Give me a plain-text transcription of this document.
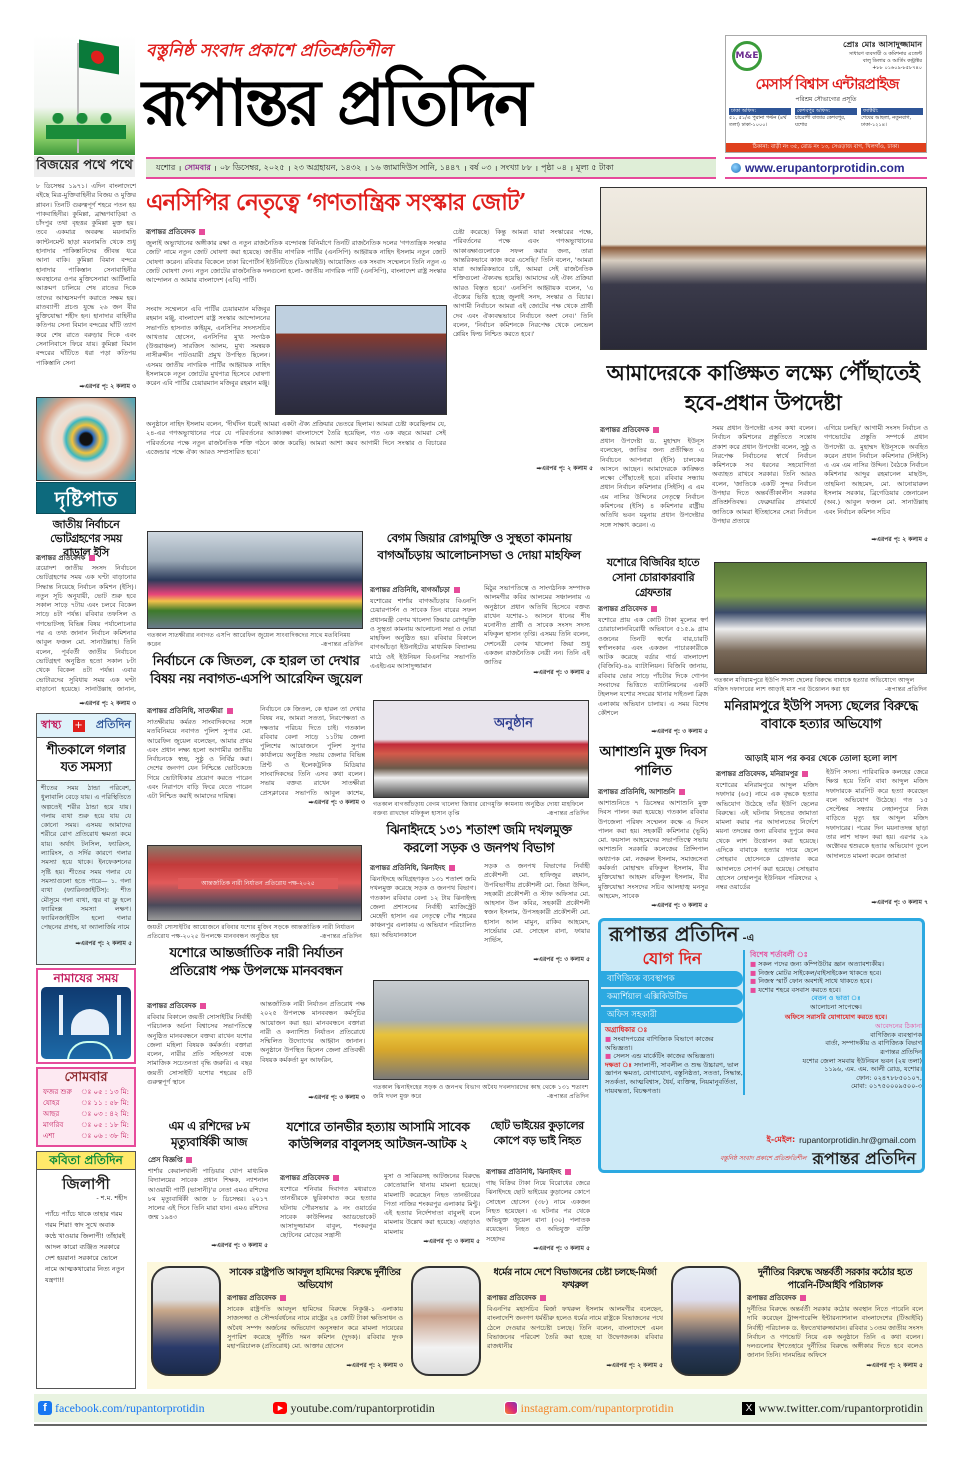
বিজয়ের পথে পথে
বস্তুনিষ্ঠ সংবাদ প্রকাশে প্রতিশ্রুতিশীল
রূপান্তর প্রতিদিন
M&E
প্রোঃ মোঃ আসাদুজ্জামান
সাধারণ ব্যবসায়ী ও কমিশনার এজেন্ট
বালু ডিলার ও আর্তিং কন্ট্রাক্টর
+৮৮ ০১৬০৯-৮৫৮৭৪০
মেসার্স বিশ্বাস এন্টারপ্রাইজ
পরিশ্রম সৌভাগ্যের প্রসূতি
ঢাকা অফিস:
৫১, ৫১/এ পুরানা পল্টন (৪র্থ তলা) ঢাকা-১০০০।
কেশবপুর অফিস:
চাচরাশী বাজার কেশবপুর, যশোর
ফ্যাক্টরী:
শেষের আছলা, নতুনবাগ, ঢাকা-১২১৪।
ঠিকানা: বাড়ী নং ৩৫, রোড নং ১৩, সেওড়াজ বাগ, খিলগাঁও, ঢাকা।
যশোর । সোমবার । ০৮ ডিসেম্বর, ২০২৫ । ২৩ অগ্রহায়ন, ১৪৩২ । ১৬ জামাদিউস সানি, ১৪৪৭ । বর্ষ ০৩ । সংখ্যা ৮৮ । পৃষ্ঠা ০৪ । মূল্য ৫ টাকা	www.erupantorprotidin.com
৮ ডিসেম্বর ১৯৭১। এদিন বাংলাদেশে বইছে মিত্র-মুক্তিবাহিনীর বিজয় ও মুক্তির প্লাবন। তিনটি গুরুত্বপূর্ণ শহরে পতন হয় পাকবাহিনীর। কুমিল্লা, ব্রাহ্মণবাড়িয়া ও চাঁদপুর তথা বৃহত্তর কুমিল্লা মুক্ত হয়। তবে একমাত্র অবরুদ্ধ ময়নামতি ক্যান্টনমেন্ট ছাড়া ময়নামতি থেকে শুধু হানাদার পাকিস্তানিদের জীবন্ত ধরে আনা বাকি। কুমিল্লা বিমান বন্দরে হানাদার পাকিস্তান সেনাবাহিনীর অবস্থানের ওপর মুক্তিসেনারা আর্টিলারি আক্রমণ চালিয়ে শেষ রাতের দিকে তাদের আত্মসমর্পণ করাতে সক্ষম হয়। রাতব্যাপী প্রচণ্ড যুদ্ধে ২৬ জন বীর মুক্তিযোদ্ধা শহীদ হন। হানাদার বাহিনীর কতিপয় সেনা বিমান বন্দরের ঘাঁটি ত্যাগ করে শেষ রাতে বরুড়ার দিকে এবং সেনানিবাসে ফিরে যায়। কুমিল্লা বিমান বন্দরের ঘাঁটিতে ধরা পড়া কতিপয় পাকিস্তানি সেনা
➡এরপর পৃ: ২ কলাম ৩
দৃষ্টিপাত
জাতীয় নির্বাচনে ভোটগ্রহণের সময় বাড়াল ইসি
রূপান্তর প্রতিবেদক
ত্রয়োদশ জাতীয় সংসদ নির্বাচনে ভোটগ্রহণের সময় এক ঘণ্টা বাড়ানোর সিদ্ধান্ত নিয়েছে নির্বাচন কমিশন (ইসি)। নতুন সূচি অনুযায়ী, ভোট শুরু হবে সকাল সাড়ে ৭টায় এবং চলবে বিকেল সাড়ে ৪টা পর্যন্ত। রবিবার তফসিল ও গণভোটসহ বিভিন্ন বিষয় পর্যালোচনার পর এ তথ্য জানান নির্বাচন কমিশনার আবুল ফজল মো. সানাউল্লাহ। তিনি বলেন, পূর্ববর্তী জাতীয় নির্বাচনে ভোটগ্রহণ অনুষ্ঠিত হতো সকাল ৮টা থেকে বিকেল ৪টা পর্যন্ত। এবার ভোটারদের সুবিধায় সময় এক ঘণ্টা বাড়ানো হয়েছে। সানাউল্লাহ জানান,
➡এরপর পৃ: ২ কলাম ৩
স্বাস্থ্য + প্রতিদিন
শীতকালে গলার যত সমস্যা
শীতের সময় ঠান্ডা পরিবেশ, ধুলাবালি বেড়ে যায়। এ পরিস্থিতিতে অল্পতেই শরীর ঠান্ডা হয়ে যায়। গলায় ব্যথা শুরু হয়ে যায় যে কোনো সময়। এসময় আমাদের শরীরে রোগ প্রতিরোধ ক্ষমতা কমে যায়। অর্থাৎ টনসিল, ফ্যারিংস, ল্যারিংস, ও সর্দির কারণে গলার সমস্যা হয়ে থাকে। ইনফেকশনের সৃষ্টি হয়। শীতের সময় গলার যে সমস্যাগুলো হতে পারে— ১. গলা ব্যথা (ফ্যারিনজাইটিস): শীত মৌসুমে গলা ব্যথা, জ্বর বা ফ্লু হলে ফ্যারিংক্স সমস্যা লক্ষণ। ফ্যারিনজাইটিস হলো গলার পেছনের প্রদাহ, যা অ্যালার্জির নামে
➡এরপর পৃ: ২ কলাম ৫
নামাযের সময়
সোমবার
ফজর শুরু	ঃ ০৫ : ১৩ মি:
যোহর	ঃ ১১ : ৫৮ মি:
আছর	ঃ ০৩ : ৪২ মি:
মাগরিব	ঃ ০৫ : ১৮ মি:
এশা	ঃ ০৬ : ৩৮ মি:
কবিতা প্রতিদিন
জিলাপী
- শ.ম. শহীদ
প্যাঁচে প্যাঁচে থাকে তাহার গরম গরম শিরা! স্বাদ সুখে অবাক কন্ঠে খাওয়ার জিলাপী! তাঁহারই আদল কারো ব্যঞ্জিত সরকারে দেশ হয়রান! সরকারে ভোলে নামে আত্মকথারোর নিত্য নতুন যন্ত্রণা!!
এনসিপির নেতৃত্বে ‘গণতান্ত্রিক সংস্কার জোট’
রূপান্তর প্রতিবেদক
জুলাই অভ্যুত্থানের অঙ্গীকার রক্ষা ও নতুন রাজনৈতিক বন্দোবস্ত বিনির্মাণে তিনটি রাজনৈতিক দলের 'গণতান্ত্রিক সংস্কার জোট' নামে নতুন জোট ঘোষণা করা হয়েছে। জাতীয় নাগরিক পার্টির (এনসিপি) আহ্বায়ক নাহিদ ইসলাম নতুন জোট ঘোষণা করেন। রবিবার বিকেলে ঢাকা রিপোর্টার্স ইউনিটিতে (ডিআরইউ) আয়োজিত এক সংবাদ সম্মেলনে তিনি নতুন এ জোট ঘোষণা দেন। নতুন জোটের রাজনৈতিক দলগুলো হলো- জাতীয় নাগরিক পার্টি (এনসিপি), বাংলাদেশ রাষ্ট্র সংস্কার আন্দোলন ও আমার বাংলাদেশ (এবি) পার্টি।
সংবাদ সম্মেলনে এবি পার্টির চেয়ারম্যান মজিবুর রহমান মঞ্জু, বাংলাদেশ রাষ্ট্র সংস্কার আন্দোলনের সভাপতি হাসনাত কাইয়ূম, এনসিপির সদস্যসচিব আখতার হোসেন, এনসিপির মুখ্য সংগঠক (উত্তরাঞ্চল) সারজিস আলম, মুখ্য সমন্বয়ক নাসীরুদ্দীন পাটওয়ারী প্রমুখ উপস্থিত ছিলেন। এসময় জাতীয় নাগরিক পার্টির আহ্বায়ক নাহিদ ইসলামকে নতুন জোটের মুখপাত্র হিসেবে ঘোষণা করেন এবি পার্টির চেয়ারম্যান মজিবুর রহমান মঞ্জু।
অনুষ্ঠানে নাহিদ ইসলাম বলেন, ‘দীর্ঘদিন ধরেই আমরা একটা ঐক্য প্রক্রিয়ার ভেতরে ছিলাম। আমরা চেষ্টা করেছিলাম যে, ২৪-এর গণঅভ্যুত্থানের পরে যে পরিবর্তনের আকাঙ্ক্ষা বাংলাদেশে তৈরি হয়েছিল, গত এক বছরে আমরা সেই পরিবর্তনের পক্ষে নতুন রাজনৈতিক শক্তি গঠনে কাজ করেছি। আমরা আশা করব আগামী দিনে সংস্কার ও বিচারের এজেন্ডার পক্ষে ঐক্য আরও সম্প্রসারিত হবে।’
চেষ্টা করেছে। কিন্তু আমরা যারা সংস্কারের পক্ষে, পরিবর্তনের পক্ষে এবং গণঅভ্যুত্থানের আকাঙ্ক্ষাগুলোকে সফল করার জন্য, তারা আন্তরিকভাবে কাজ করে এসেছি।' তিনি বলেন, 'আমরা যারা আন্তরিকভাবে চাই, আমরা সেই রাজনৈতিক শক্তিগুলো ঐক্যবদ্ধ হয়েছি। আমাদের এই ঐক্য প্রক্রিয়া আরও বিস্তৃত হবে।' এনসিপি আহ্বায়ক বলেন, 'এ ঐক্যের ভিত্তি হচ্ছে জুলাই সনদ, সংস্কার ও বিচার। আগামী নির্বাচনে আমরা এই জোটের পক্ষ থেকে প্রার্থী দেব এবং ঐক্যবদ্ধভাবে নির্বাচনে অংশ নেব।' তিনি বলেন, 'নির্বাচন কমিশনকে নিরপেক্ষ থেকে লেভেল প্লেয়িং ফিল্ড নিশ্চিত করতে হবে।'
➡এরপর পৃ: ২ কলাম ৫
আমাদেরকে কাঙ্ক্ষিত লক্ষ্যে পৌঁছাতেই হবে-প্রধান উপদেষ্টা
রূপান্তর প্রতিবেদক
প্রধান উপদেষ্টা ড. মুহাম্মদ ইউনূস বলেছেন, জাতির জন্য প্রতীক্ষিত এ নির্বাচনে আপনারা (ইসি) চালকের আসনে আছেন। আমাদেরকে কাঙ্ক্ষিত লক্ষ্যে পৌঁছাতেই হবে। রবিবার সন্ধ্যায় প্রধান নির্বাচন কমিশনার (সিইসি) এ এম এম নাসির উদ্দিনের নেতৃত্বে নির্বাচন কমিশনের (ইসি) ৪ কমিশনার রাষ্ট্রীয় অতিথি ভবন যমুনায় প্রধান উপদেষ্টার সঙ্গে সাক্ষাৎ করেন। এ
সময় প্রধান উপদেষ্টা এসব কথা বলেন। নির্বাচন কমিশনের প্রস্তুতিতে সন্তোষ প্রকাশ করে প্রধান উপদেষ্টা বলেন, সুষ্ঠু ও নিরপেক্ষ নির্বাচনের স্বার্থে নির্বাচন কমিশনকে সব ধরনের সহযোগিতা অব্যাহত রাখবে সরকার। তিনি আরও বলেন, 'জাতিকে একটি সুন্দর নির্বাচন উপহার দিতে অন্তর্বর্তীকালীন সরকার প্রতিশ্রুতিবদ্ধ। ফেব্রুয়ারির প্রথমার্ধে জাতিকে আমরা ইতিহাসের সেরা নির্বাচন উপহার প্রত্যয়ে
এগিয়ে চলছি।' আগামী সংসদ নির্বাচন ও গণভোটের প্রস্তুতি সম্পর্কে প্রধান উপদেষ্টা ড. মুহাম্মদ ইউনূসকে অবহিত করেন প্রধান নির্বাচন কমিশনার (সিইসি) এ এম এম নাসির উদ্দিন। বৈঠকে নির্বাচন কমিশনার আব্দুর রহমানেল মাছউদ, তাহমিনা আহমেদ, মো. আনোয়ারুল ইসলাম সরকার, ব্রিগেডিয়ার জেনারেল (অব.) আবুল ফজল মো. সানাউল্লাহ এবং নির্বাচন কমিশন সচিব
➡এরপর পৃ: ২ কলাম ৫
গতকাল সাতক্ষীরার নবাগত এসপি আরেফিন জুয়েল সাংবাদিকদের সাথে মতবিনিময় করেন	-রূপান্তর প্রতিদিন
নির্বাচনে কে জিতল, কে হারল তা দেখার বিষয় নয় নবাগত-এসপি আরেফিন জুয়েল
রূপান্তর প্রতিনিধি, সাতক্ষীরা
সাতক্ষীরায় কর্মরত সাংবাদিকদের সঙ্গে মতবিনিময়ে নবাগত পুলিশ সুপার মো. আরেফিন জুয়েল বলেছেন, আমার প্রথম এবং প্রধান লক্ষ্য হলো আগামীর জাতীয় নির্বাচনকে স্বচ্ছ, সুষ্ঠু ও নির্বিঘ্ন করা। দেশের জনগণ যেন নিশ্চিন্তে ভোটকেন্দ্রে গিয়ে ভোটাধিকার প্রয়োগ করতে পারেন এবং নিরাপদে বাড়ি ফিরে যেতে পারেন এটা নিশ্চিত করাই আমাদের দায়িত্ব।
নির্বাচনে কে জিতল, কে হারল তা দেখার বিষয় নয়, আমরা সততা, নিরপেক্ষতা ও দক্ষতার পরিচয় দিতে চাই। গতকাল রবিবার বেলা সাড়ে ১১টায় জেলা পুলিশের আয়োজনে পুলিশ সুপার কার্যালয়ে অনুষ্ঠিত সভায় জেলার বিভিন্ন প্রিন্ট ও ইলেকট্রনিক মিডিয়ার সাংবাদিকদের তিনি এসব কথা বলেন। সভায় বক্তব্য রাখেন সাতক্ষীরা প্রেসক্লাবের সভাপতি আবুল কাশেম,
➡এরপর পৃ: ৩ কলাম ৩
বেগম জিয়ার রোগমুক্তি ও সুস্থতা কামনায় বাগআঁচড়ায় আলোচনাসভা ও দোয়া মাহফিল
রূপান্তর প্রতিনিধি, বাগআঁচড়া
যশোরের শার্শার বাগআঁচড়ায় বিএনপি চেয়ারপার্সন ও সাবেক তিন বারের সফল প্রধানমন্ত্রী বেগম খালেদা জিয়ার রোগমুক্তি ও সুস্থতা কামনায় আলোচনা সভা ও দোয়া মাহফিল অনুষ্ঠিত হয়। রবিবার বিকালে বাগআঁচড়া ইউনাইটেড মাধ্যমিক বিদ্যালয় মাঠে ওই ইউনিয়ন বিএনপির সভাপতি এএইচএম আসাদুজ্জামান
মিঠুর সভাপতিত্বে ও সাংগঠনিক সম্পাদক আলমগীর কবির আলমের সঞ্চালনায় এ অনুষ্ঠানে প্রধান অতিথি হিসেবে বক্তব্য রাখেন যশোর-১ আসনে ধানের শীষ মনোনীত প্রার্থী ও সাবেক সংসদ সদস্য মফিকুল হাসান তৃপ্তি। এসময় তিনি বলেন, দেশনেত্রী বেগম খালেদা জিয়া শুধু একজন রাজনৈতিক নেত্রী নন। তিনি এই জাতির
➡এরপর পৃ: ৩ কলাম ৫
অনুষ্ঠান
গতকাল বাগআঁচড়ায় বেগম খালেদা জিয়ার রোগমুক্তি কামনায় অনুষ্ঠিত দোয়া মাহফিলে বক্তব্য রাখছেন মফিকুল হাসান তৃপ্তি	-রূপান্তর প্রতিদিন
যশোরে বিজিবির হাতে সোনা চোরাকারবারি গ্রেফতার
রূপান্তর প্রতিবেদক
যশোরে প্রায় এক কোটি টাকা মূল্যের স্বর্ণ চোরাচালানবিরোধী অভিযানে ৫১৫.৯ গ্রাম ওজনের তিনটি স্বর্ণের বার,চারটি স্বর্ণালংকার এবং একজন পাচারকারীকে আটক করেছে বর্ডার গার্ড বাংলাদেশ (বিজিবি)-৪৯ ব্যাটালিয়ন। বিজিবি জানায়, রবিবার ভোর সাড়ে পাঁচটার দিকে গোপন সংবাদের ভিত্তিতে ব্যাটালিয়নের একটি টহলদল যশোর সদরের থানার দাইতলা ব্রিজ এলাকায় অভিযান চালায়। এ সময় বিশেষ কৌশলে
➡এরপর পৃ: ৩ কলাম ৫
গতকাল মণিরামপুরে ইউপি সদস্য ছেলের বিরুদ্ধে বাবাকে হত্যার অভিযোগে আব্দুল মজিদ দফাদারের লাশ আড়াই মাস পর উত্তোলন করা হয়	-রূপান্তর প্রতিদিন
মনিরামপুরে ইউপি সদস্য ছেলের বিরুদ্ধে বাবাকে হত্যার অভিযোগ
আড়াই মাস পর কবর থেকে তোলা হলো লাশ
রূপান্তর প্রতিবেদক, মনিরামপুর
যশোরের মনিরামপুরে আব্দুল মজিদ দফাদার (৬৫) নামে এক বৃদ্ধকে হত্যার অভিযোগ উঠেছে তাঁর ইউপি ছেলের বিরুদ্ধে। এই ঘটনায় নিহতের জামাতা মামলা করার পর আদালতের নির্দেশে ময়না তদন্তের জন্য রবিবার দুপুরে কবর থেকে লাশ উত্তোলন করা হয়েছে। এদিকে বাবাকে হত্যার দায়ে ছেলে সোহরাব হোসেনকে গ্রেফতার করে আদালতে সোপর্দ করা হয়েছে। সোহরাব হোসেন নেহালপুর ইউনিয়ন পরিষদের ২ নম্বর ওয়ার্ডের
ইউপি সদস্য। পারিবারিক কলহের জেরে ক্ষিপ্ত হয়ে তিনি বাবা আব্দুল মজিদ দফাদারকে মারপিট করে হত্যা করেছেন বলে অভিযোগ উঠেছে। গত ১৫ সেপ্টেম্বর সন্ধ্যায় নেহালপুরে নিজ বাড়িতে মৃত্যু হয় আব্দুল মজিদ দফাদারের। পরের দিন ময়নাতদন্ত ছাড়া তার লাশ দাফন করা হয়। এরপর ২৯ অক্টোবর শ্বশুরকে হত্যার অভিযোগ তুলে আদালতে মামলা করেন জামাতা
➡এরপর পৃ: ৩ কলাম ৭
আশাশুনি মুক্ত দিবস পালিত
রূপান্তর প্রতিনিধি, আশাশুনি
আশাশুনিতে ৭ ডিসেম্বর আশাশুনি মুক্ত দিবস পালন করা হয়েছে। গতকাল রবিবার উপজেলা পরিষদ সম্মেলন কক্ষে এ দিবস পালন করা হয়। সহকারী কমিশনার (ভূমি) মো. ফয়সাল আহমেদের সভাপতিত্বে সভায় আশাশুনি সরকারি কলেজের প্রিন্সিপাল অধ্যাপক মো. নজরুল ইসলাম, সমাজসেবা কর্মকর্তা মোহাম্মদ রফিকুল ইসলাম, বীর মুক্তিযোদ্ধা আহমদ রফিকুল ইসলাম, বীর মুক্তিযোদ্ধা সংসদের সচিব আলহাজ্ব মনসুর আহমেদ, সাবেক
➡এরপর পৃ: ৩ কলাম ৫
আন্তর্জাতিক নারী নির্যাতন প্রতিরোধ পক্ষ-২০২৫
জয়তী সোসাইটির আয়োজনে রবিবার যশোর মুজিব সড়কে আন্তর্জাতিক নারী নির্যাতন প্রতিরোধ পক্ষ-২০২৫ উপলক্ষে মানববন্ধন অনুষ্ঠিত হয়	-রূপান্তর প্রতিদিন
যশোরে আন্তর্জাতিক নারী নির্যাতন প্রতিরোধ পক্ষ উপলক্ষে মানববন্ধন
রূপান্তর প্রতিবেদক
রবিবার বিকালে জয়তী সোসাইটির নির্বাহী পরিচালক অর্চনা বিশ্বাসের সভাপতিত্বে অনুষ্ঠিত মানববন্ধনে বক্তব্য রাখেন যশোর জেলা মহিলা বিষয়ক কর্মকর্তা। বক্তারা বলেন, নারীর প্রতি সহিংসতা বন্ধে সামাজিক সচেতনতা বৃদ্ধি জরুরি। এ বছর জয়তী সোসাইটি যশোর শহরের ৫টি গুরুত্বপূর্ণ স্থানে
আন্তর্জাতিক নারী নির্যাতন প্রতিরোধ পক্ষ ২০২৫ উপলক্ষে মানববন্ধন কর্মসূচির আয়োজন করা হয়। মানববন্ধনে বক্তারা নারী ও কন্যাশিশু নির্যাতন প্রতিরোধে সম্মিলিত উদ্যোগের আহ্বান জানান। অনুষ্ঠানে উপস্থিত ছিলেন জেলা প্রতিবন্ধী বিষয়ক কর্মকর্তা মুন আফরিন,
➡এরপর পৃ: ৩ কলাম ৩
ঝিনাইদহে ১৩১ শতাংশ জমি দখলমুক্ত করলো সড়ক ও জনপথ বিভাগ
রূপান্তর প্রতিনিধি, ঝিনাইদহ
ঝিনাইদহে অধিগ্রহণকৃত ১৩১ শতাংশ জমি দখলমুক্ত করেছে সড়ক ও জনপথ বিভাগ। গতকাল রবিবার বেলা ১২ টায় ঝিনাইদহ জেলা প্রশাসনের নির্বাহী ম্যাজিস্ট্রেট মেহেদী হাসান এর নেতৃত্বে পৌর শহরের কাঞ্চনপুর এলাকায় এ অভিযান পরিচালিত হয়। অভিযানকালে
সড়ক ও জনপথ বিভাগের নির্বাহী প্রকৌশলী মো. হাফিজুর রহমান, উপবিভাগীয় প্রকৌশলী মো. জিয়া উদ্দিন, সহকারী প্রকৌশলী ও স্টাফ অফিসার মো. আহসান উল কবির, সহকারী প্রকৌশলী স্বজন ইসলাম, উপসহকারী প্রকৌশলী মো. হাসান আল মামুন, রাকিব আহমেদ, সার্ভেয়ার মো. সোহেল রানা, ফায়ার সার্ভিস,
➡এরপর পৃ: ৩ কলাম ৫
গতকাল ঝিনাইদহের সড়ক ও জনপথ বিভাগ অবৈধ দখলদারদের কাছ থেকে ১৩১ শতাংশ জমি দখল মুক্ত করে	-রূপান্তর প্রতিদিন
রূপান্তর প্রতিদিন -এ
যোগ দিন
বাণিজ্যিক ব্যবস্থাপক
কমার্শিয়াল এক্সিকিউটিভ
অফিস সহকারী
অগ্রাধিকার ঃ
■ সংবাদপত্রের বাণিজ্যিক বিভাগে কাজের অভিজ্ঞতা।
■ সেলস এন্ড মার্কেটিং কাজের অভিজ্ঞতা।
দক্ষতা ঃ সদালাপী, সাবলীল ও শুদ্ধ উচ্চারণ, ভাল জ্ঞাপন ক্ষমতা, যোগাযোগ, বস্তুনিষ্ঠতা, সততা, সিদ্ধান্ত, সতর্কতা, আত্মবিশ্বাস, ধৈর্য, ব্যক্তিত্ব, নিয়মানুবর্তিতা, দায়বদ্ধতা, বিচক্ষণতা।
বিশেষ শর্তাবলী ঃ
■ সকল পদের জন্য কম্পিউটার জ্ঞান অত্যাবশ্যকীয়।
■ নিজস্ব মোটর সাইকেল/বাইসাইকেল থাকতে হবে।
■ নিজস্ব স্মার্ট ফোন অবশ্যই সাথে থাকতে হবে।
■ যশোর শহরে বসবাস করতে হবে।
বেতন ও ভাতা ঃ
আলোচনা সাপেক্ষে।
অফিসে সরাসরি যোগাযোগ করতে হবে।
আবেদনের ঠিকানা
বাণিজ্যিক ব্যবস্থাপক
বার্তা, সম্পাদকীয় ও বাণিজ্যিক বিভাগ
রূপান্তর প্রতিদিন
যশোর জেলা সমবায় ইউনিয়ন ভবন (২য় তলা)
১১৯৬, এম. এম. আলী রোড, যশোর।
ফোন: ০২৪৭৮৮৫০১০৭,
মোবা: ০১৭৫০০০৯৫০০-৩
ই-মেইল: rupantorprotidin.hr@gmail.com
বস্তুনিষ্ঠ সংবাদ প্রকাশে প্রতিশ্রুতিশীল রূপান্তর প্রতিদিন
এম এ রশিদের ৮ম মৃত্যুবার্ষিকী আজ
প্রেস বিজ্ঞপ্তি
শার্শার কেরালখালী পাড়িয়ার খোপ মাধ্যমিক বিদ্যালয়ের সাবেক প্রধান শিক্ষক, ন্যাশনাল আওয়ামী পার্টি (ভাসানী)'র নেতা এমএ রশিদের ৮ম মৃত্যুবার্ষিকী আজ ৮ ডিসেম্বর। ২০১৭ সালের এই দিনে তিনি মারা যান। এমএ রশিদের জন্ম ১৯৪৩
➡এরপর পৃ: ৩ কলাম ৫
যশোরে তানভীর হত্যায় আসামি সাবেক কাউন্সিলর বাবুলসহ আটজন-আটক ২
রূপান্তর প্রতিবেদক
যশোরে শনিবার দিবাগত মধ্যরাতে তানভীরকে ছুরিকাঘাত করে হত্যার ঘটনায় পৌরসভার ৯ নং ওয়ার্ডের সাবেক কাউন্সিলর অ্যাডভোকেট আসাদুজ্জামান বাবুল, শংকরপুর ছোটনের মোড়ের সন্ত্রাসী
মুসা ও সাব্বিরসহ আটজনের বিরুদ্ধে কোতোয়ালি থানায় মামলা হয়েছে। মামলাটি করেছেন নিহত তানভীরের পিতা নাজির শংকরপুর এলাকার মিন্টু। এই হত্যার নির্দেশদাতা বাবুলই বলে মামলায় উল্লেখ করা হয়েছে। এছাড়াও মামলায়
➡এরপর পৃ: ৩ কলাম ৫
ছোট ভাইয়ের কুড়ালের কোপে বড় ভাই নিহত
রূপান্তর প্রতিনিধি, ঝিনাইদহ
গাছ বিক্রির টাকা নিয়ে বিরোধের জেরে ঝিনাইদহে ছোট ভাইয়ের কুড়ালের কোপে সোহেল হোসেন (৩৮) নামে একজন নিহত হয়েছেন। এ ঘটনার পর থেকে অভিযুক্ত জুয়েল রানা (৩০) পলাতক রয়েছেন। নিহত ও অভিযুক্ত ব্যক্তি সহোদর
➡এরপর পৃ: ৩ কলাম ৫
সাবেক রাষ্ট্রপতি আবদুল হামিদের বিরুদ্ধে দুর্নীতির অভিযোগ
রূপান্তর প্রতিবেদক
সাবেক রাষ্ট্রপতি আবদুল হামিদের বিরুদ্ধে নিকুঞ্জ-১ এলাকায় সাজসজ্জা ও সৌন্দর্যবর্ধনের নামে রাষ্ট্রের ২৪ কোটি টাকা ক্ষতিসাধন ও অবৈধ সম্পদ অর্জনের অভিযোগ অনুসন্ধান করে মামলা দায়েরের সুপারিশ করেছে দুর্নীতি দমন কমিশন (দুদক)। রবিবার দুদক মহাপরিচালক (প্রতিরোধ) মো. আক্তার হোসেন
➡এরপর পৃ: ২ কলাম ৩
ধর্মের নামে দেশে বিভাজনের চেষ্টা চলছে-মির্জা ফখরুল
রূপান্তর প্রতিবেদক
বিএনপির মহাসচিব মির্জা ফখরুল ইসলাম আলমগীর বলেছেন, বাংলাদেশি জনগণ ধর্মভীরু হলেও ধর্মের নামে রাষ্ট্রকে বিভাজনের পথে ঠেলে দেওয়ার অপচেষ্টা চলছে। তিনি বলেন, বাংলাদেশে এমন বিভাজনের পরিবেশ তৈরি করা হচ্ছে যা উদ্বেগজনক। রবিবার রাজধানীর
➡এরপর পৃ: ২ কলাম ৫
দুর্নীতির বিরুদ্ধে অন্তর্বর্তী সরকার কঠোর হতে পারেনি-টিআইবি পরিচালক
রূপান্তর প্রতিবেদক
দুর্নীতির বিরুদ্ধে অন্তর্বর্তী সরকার কঠোর অবস্থান নিতে পারেনি বলে দাবি করেছেন ট্রান্সপারেন্সি ইন্টারন্যাশনাল বাংলাদেশের (টিআইবি) নির্বাহী পরিচালক ড. ইফতেখারুজ্জামান। রবিবার ১৩তম জাতীয় সংসদ নির্বাচন ও গণভোট নিয়ে এক অনুষ্ঠানে তিনি এ কথা বলেন। দলগুলোর ইশতেহারে দুর্নীতির বিরুদ্ধে অঙ্গীকার দিতে হবে বলেও জানান তিনি। দানমন্ডির অফিসে
➡এরপর পৃ: ২ কলাম ৫
f facebook.com/rupantorprotidin	▶ youtube.com/rupantorprotidin	instagram.com/rupantorprotidin	X www.twitter.com/rupantorprotidin
